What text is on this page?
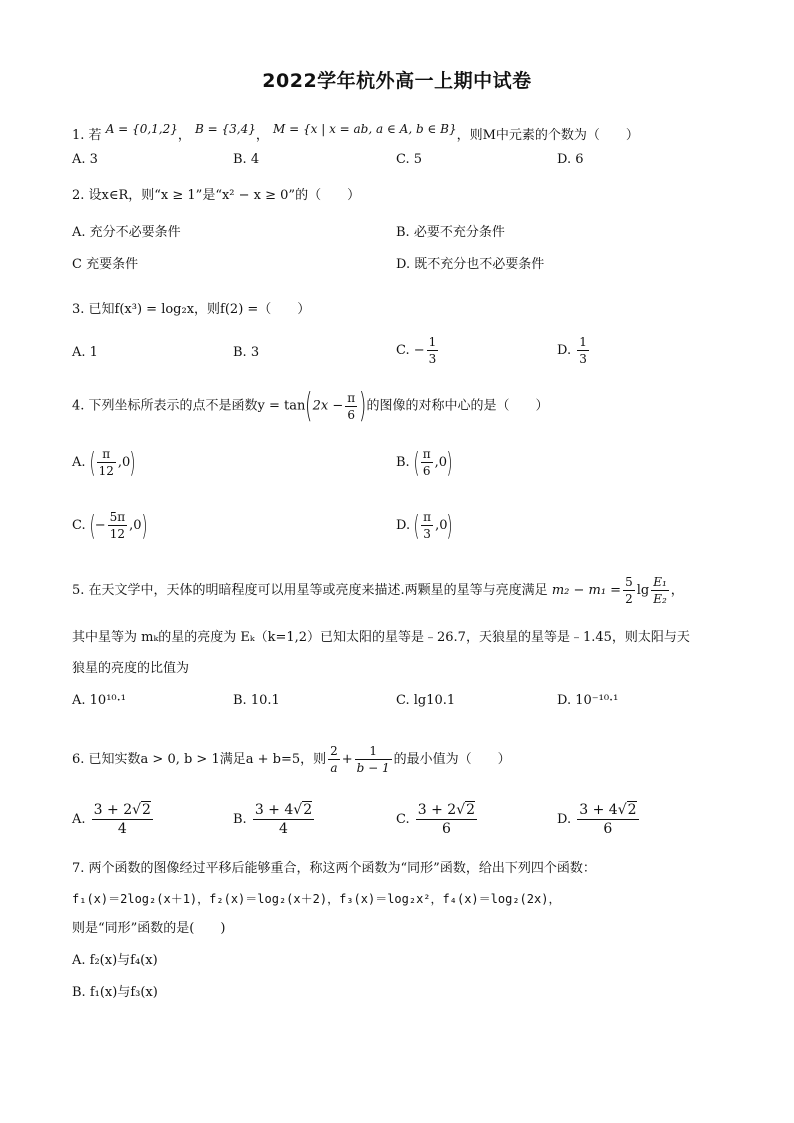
2022学年杭外高一上期中试卷
1. 若 A = {0,1,2}， B = {3,4}， M = {x | x = ab, a ∈ A, b ∈ B}，则M中元素的个数为（　　）
A. 3	B. 4	C. 5	D. 6
2. 设x∈R，则“x ≥ 1”是“x² − x ≥ 0”的（　　）
A. 充分不必要条件	B. 必要不充分条件
C 充要条件	D. 既不充分也不必要条件
3. 已知f(x³) = log₂x，则f(2) =（　　）
A. 1	B. 3	C. − $\frac{1}{3}$	D. $\frac{1}{3}$
4. 下列坐标所表示的点不是函数$y = \tan(2x - \frac{\pi}{6}$ )的图像的对称中心的是（　　）
A. ( $\frac{\pi}{12} ,0$)	B. ( $\frac{\pi}{6} ,0$)
C. (− $\frac{5\pi}{12} ,0$)	D. ( $\frac{\pi}{3} ,0$)
5. 在天文学中，天体的明暗程度可以用星等或亮度来描述.两颗星的星等与亮度满足 $m_2 - m_1 = \frac{5}{2}$ $\lg \frac{\text{E₁}}{\text{E₂}}$ ，
其中星等为 mₖ的星的亮度为 Eₖ（k=1,2）已知太阳的星等是﹣26.7，天狼星的星等是﹣1.45，则太阳与天
狼星的亮度的比值为
A. 10¹⁰·¹	B. 10.1	C. lg10.1	D. 10⁻¹⁰·¹
6. 已知实数a > 0, b > 1满足a + b=5，则 $\frac{2}{a} + \frac{1}{b - 1}$ 的最小值为（　　）
A. $\frac{3 + 2√2}{4}$	B. $\frac{3 + 4√2}{4}$	C. $\frac{3 + 2√2}{6}$	D. $\frac{3 + 4√2}{6}$
7. 两个函数的图像经过平移后能够重合，称这两个函数为“同形”函数，给出下列四个函数：
f₁(x)＝2log₂(x＋1)，f₂(x)＝log₂(x＋2)，f₃(x)＝log₂x²，f₄(x)＝log₂(2x)，
则是“同形”函数的是(　　)
A. f₂(x)与f₄(x)
B. f₁(x)与f₃(x)
